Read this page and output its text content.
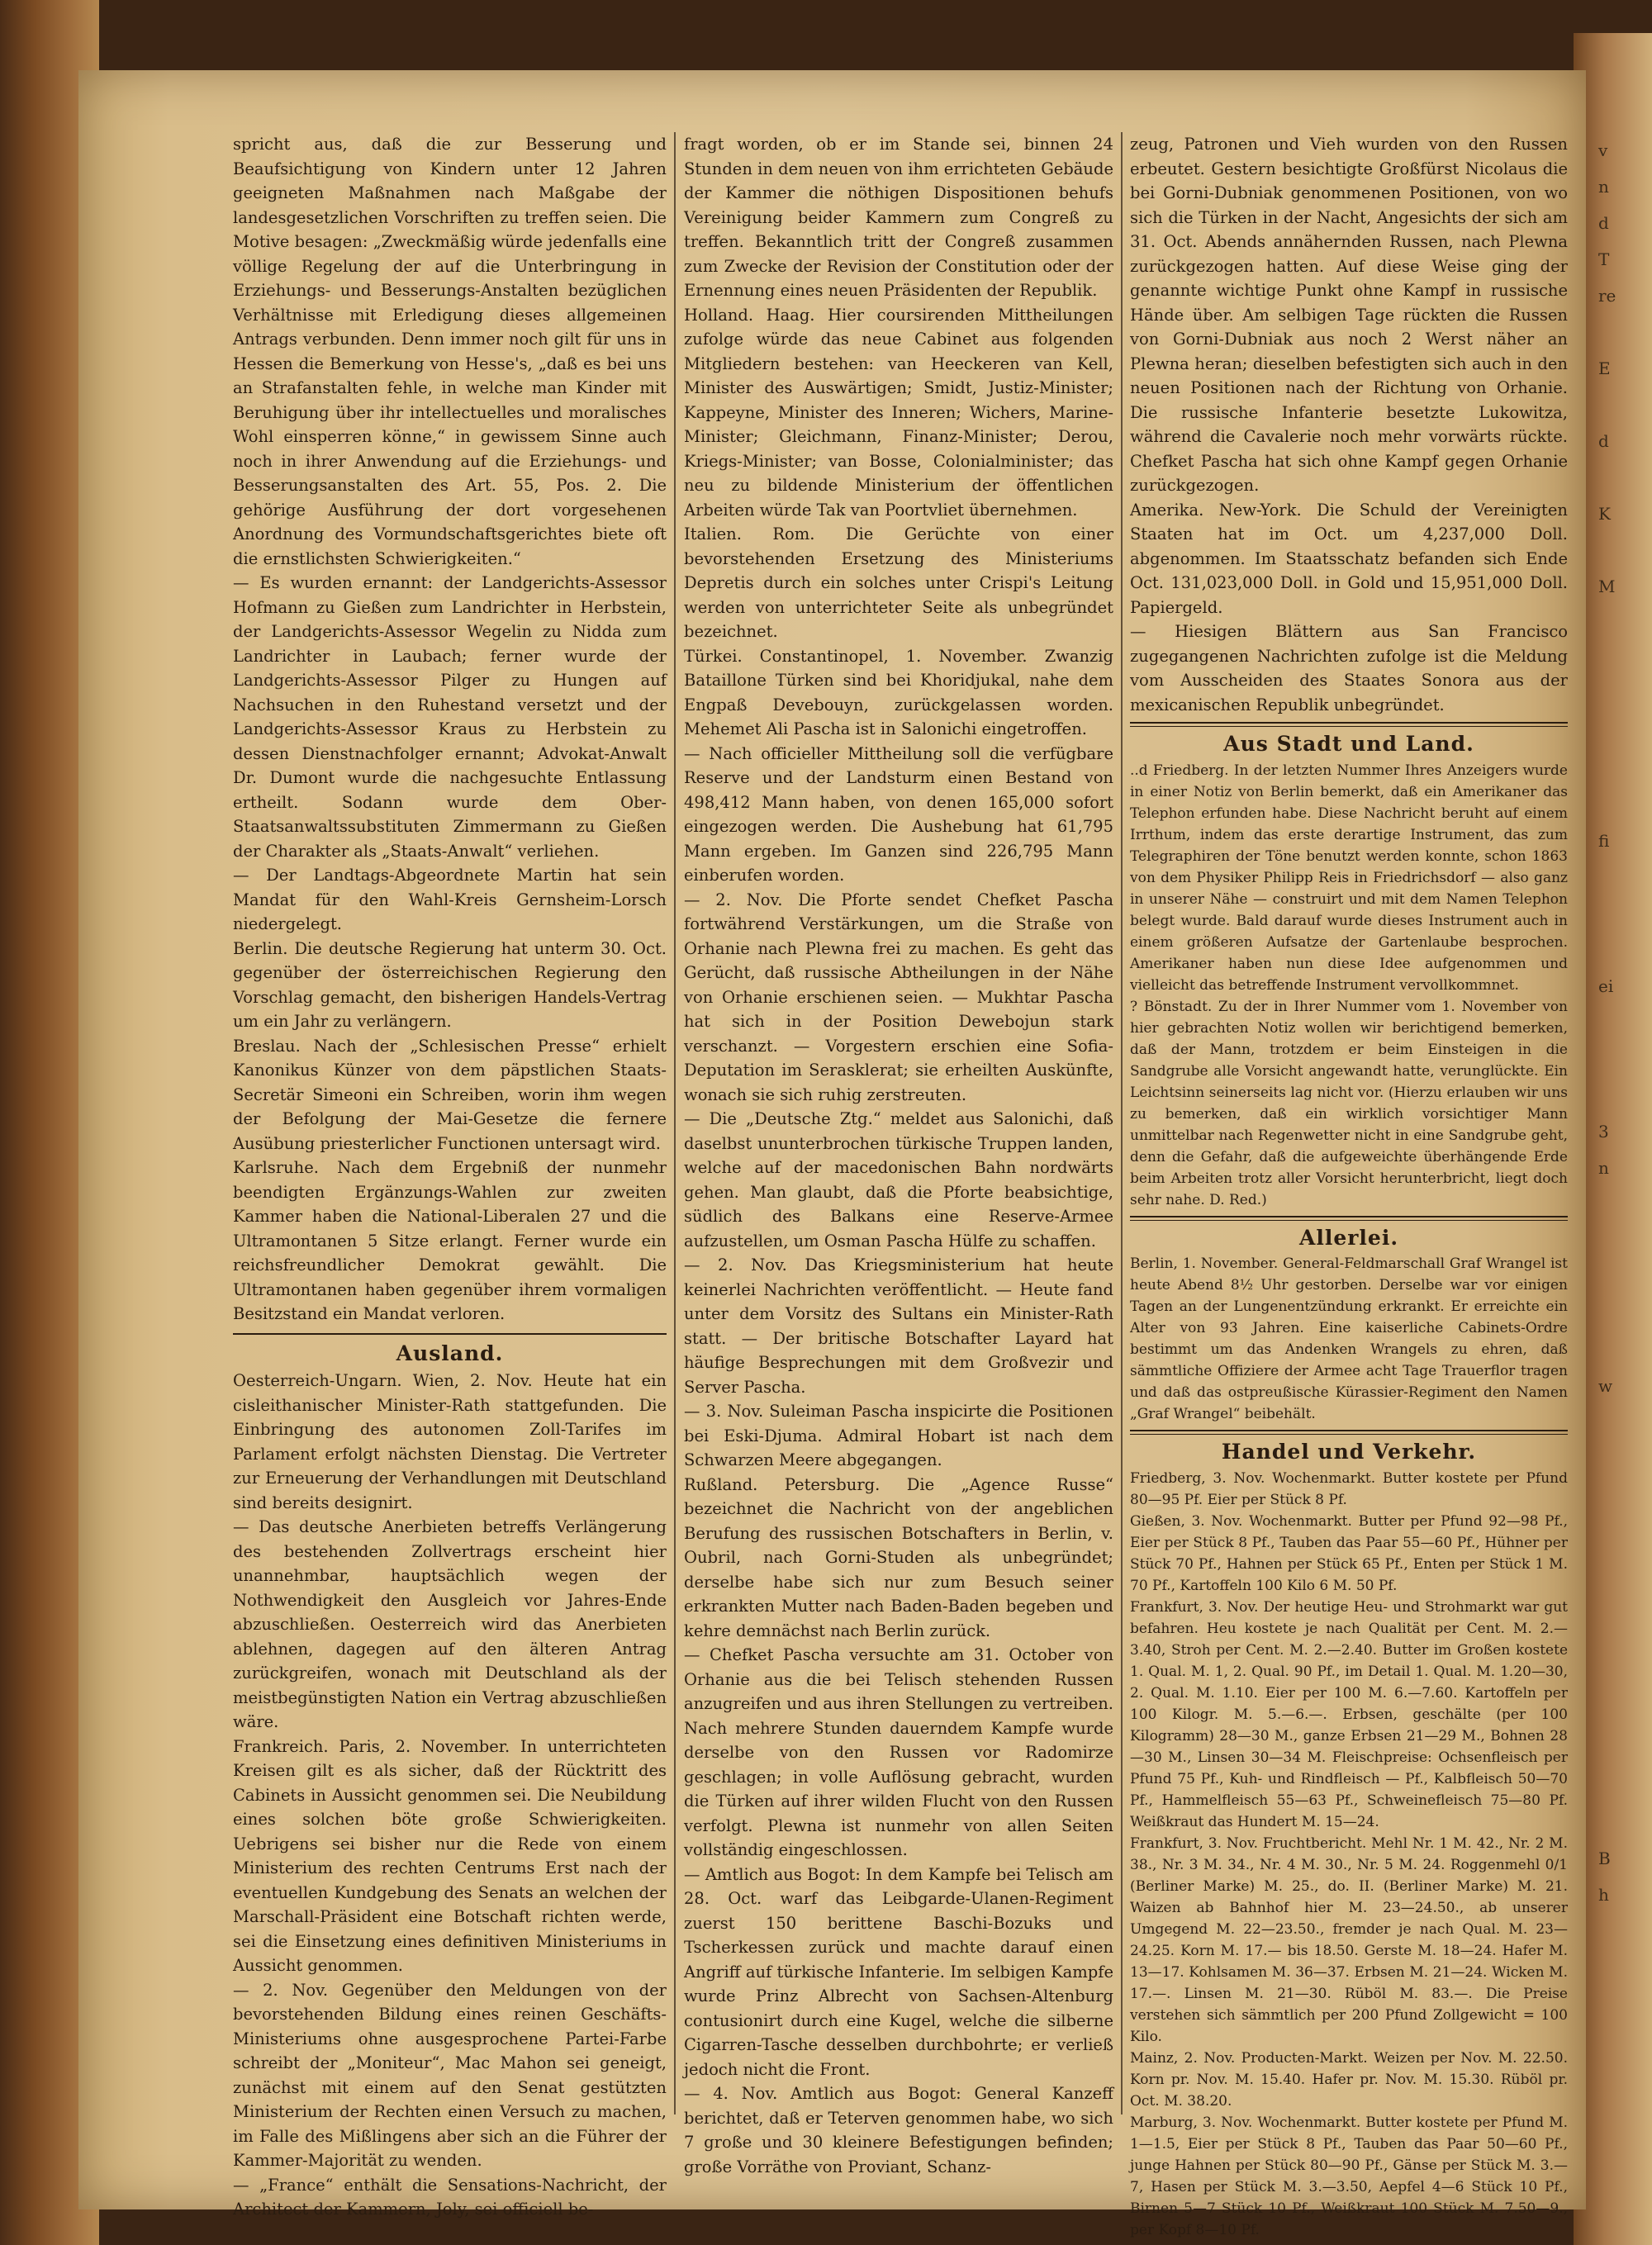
v
n
d
T
re

E

d

K

M

fi

ei

3
n

w

B
h

spricht aus, daß die zur Besserung und Beaufsichtigung von Kindern unter 12 Jahren geeigneten Maßnahmen nach Maßgabe der landesgesetzlichen Vorschriften zu treffen seien. Die Motive besagen: „Zweckmäßig würde jedenfalls eine völlige Regelung der auf die Unterbringung in Erziehungs- und Besserungs-Anstalten bezüglichen Verhältnisse mit Erledigung dieses allgemeinen Antrags verbunden. Denn immer noch gilt für uns in Hessen die Bemerkung von Hesse's, „daß es bei uns an Strafanstalten fehle, in welche man Kinder mit Beruhigung über ihr intellectuelles und moralisches Wohl einsperren könne,“ in gewissem Sinne auch noch in ihrer Anwendung auf die Erziehungs- und Besserungsanstalten des Art. 55, Pos. 2. Die gehörige Ausführung der dort vorgesehenen Anordnung des Vormundschaftsgerichtes biete oft die ernstlichsten Schwierigkeiten.“

— Es wurden ernannt: der Landgerichts-Assessor Hofmann zu Gießen zum Landrichter in Herbstein, der Landgerichts-Assessor Wegelin zu Nidda zum Landrichter in Laubach; ferner wurde der Landgerichts-Assessor Pilger zu Hungen auf Nachsuchen in den Ruhestand versetzt und der Landgerichts-Assessor Kraus zu Herbstein zu dessen Dienstnachfolger ernannt; Advokat-Anwalt Dr. Dumont wurde die nachgesuchte Entlassung ertheilt. Sodann wurde dem Ober-Staatsanwaltssubstituten Zimmermann zu Gießen der Charakter als „Staats-Anwalt“ verliehen.

— Der Landtags-Abgeordnete Martin hat sein Mandat für den Wahl-Kreis Gernsheim-Lorsch niedergelegt.

Berlin. Die deutsche Regierung hat unterm 30. Oct. gegenüber der österreichischen Regierung den Vorschlag gemacht, den bisherigen Handels-Vertrag um ein Jahr zu verlängern.

Breslau. Nach der „Schlesischen Presse“ erhielt Kanonikus Künzer von dem päpstlichen Staats-Secretär Simeoni ein Schreiben, worin ihm wegen der Befolgung der Mai-Gesetze die fernere Ausübung priesterlicher Functionen untersagt wird.

Karlsruhe. Nach dem Ergebniß der nunmehr beendigten Ergänzungs-Wahlen zur zweiten Kammer haben die National-Liberalen 27 und die Ultramontanen 5 Sitze erlangt. Ferner wurde ein reichsfreundlicher Demokrat gewählt. Die Ultramontanen haben gegenüber ihrem vormaligen Besitzstand ein Mandat verloren.

Ausland.

Oesterreich-Ungarn. Wien, 2. Nov. Heute hat ein cisleithanischer Minister-Rath stattgefunden. Die Einbringung des autonomen Zoll-Tarifes im Parlament erfolgt nächsten Dienstag. Die Vertreter zur Erneuerung der Verhandlungen mit Deutschland sind bereits designirt.

— Das deutsche Anerbieten betreffs Verlängerung des bestehenden Zollvertrags erscheint hier unannehmbar, hauptsächlich wegen der Nothwendigkeit den Ausgleich vor Jahres-Ende abzuschließen. Oesterreich wird das Anerbieten ablehnen, dagegen auf den älteren Antrag zurückgreifen, wonach mit Deutschland als der meistbegünstigten Nation ein Vertrag abzuschließen wäre.

Frankreich. Paris, 2. November. In unterrichteten Kreisen gilt es als sicher, daß der Rücktritt des Cabinets in Aussicht genommen sei. Die Neubildung eines solchen böte große Schwierigkeiten. Uebrigens sei bisher nur die Rede von einem Ministerium des rechten Centrums Erst nach der eventuellen Kundgebung des Senats an welchen der Marschall-Präsident eine Botschaft richten werde, sei die Einsetzung eines definitiven Ministeriums in Aussicht genommen.

— 2. Nov. Gegenüber den Meldungen von der bevorstehenden Bildung eines reinen Geschäfts-Ministeriums ohne ausgesprochene Partei-Farbe schreibt der „Moniteur“, Mac Mahon sei geneigt, zunächst mit einem auf den Senat gestützten Ministerium der Rechten einen Versuch zu machen, im Falle des Mißlingens aber sich an die Führer der Kammer-Majorität zu wenden.

— „France“ enthält die Sensations-Nachricht, der Architect der Kammern, Joly, sei officiell be-

fragt worden, ob er im Stande sei, binnen 24 Stunden in dem neuen von ihm errichteten Gebäude der Kammer die nöthigen Dispositionen behufs Vereinigung beider Kammern zum Congreß zu treffen. Bekanntlich tritt der Congreß zusammen zum Zwecke der Revision der Constitution oder der Ernennung eines neuen Präsidenten der Republik.

Holland. Haag. Hier coursirenden Mittheilungen zufolge würde das neue Cabinet aus folgenden Mitgliedern bestehen: van Heeckeren van Kell, Minister des Auswärtigen; Smidt, Justiz-Minister; Kappeyne, Minister des Inneren; Wichers, Marine-Minister; Gleichmann, Finanz-Minister; Derou, Kriegs-Minister; van Bosse, Colonialminister; das neu zu bildende Ministerium der öffentlichen Arbeiten würde Tak van Poortvliet übernehmen.

Italien. Rom. Die Gerüchte von einer bevorstehenden Ersetzung des Ministeriums Depretis durch ein solches unter Crispi's Leitung werden von unterrichteter Seite als unbegründet bezeichnet.

Türkei. Constantinopel, 1. November. Zwanzig Bataillone Türken sind bei Khoridjukal, nahe dem Engpaß Devebouyn, zurückgelassen worden. Mehemet Ali Pascha ist in Salonichi eingetroffen.

— Nach officieller Mittheilung soll die verfügbare Reserve und der Landsturm einen Bestand von 498,412 Mann haben, von denen 165,000 sofort eingezogen werden. Die Aushebung hat 61,795 Mann ergeben. Im Ganzen sind 226,795 Mann einberufen worden.

— 2. Nov. Die Pforte sendet Chefket Pascha fortwährend Verstärkungen, um die Straße von Orhanie nach Plewna frei zu machen. Es geht das Gerücht, daß russische Abtheilungen in der Nähe von Orhanie erschienen seien. — Mukhtar Pascha hat sich in der Position Dewebojun stark verschanzt. — Vorgestern erschien eine Sofia-Deputation im Serasklerat; sie erheilten Auskünfte, wonach sie sich ruhig zerstreuten.

— Die „Deutsche Ztg.“ meldet aus Salonichi, daß daselbst ununterbrochen türkische Truppen landen, welche auf der macedonischen Bahn nordwärts gehen. Man glaubt, daß die Pforte beabsichtige, südlich des Balkans eine Reserve-Armee aufzustellen, um Osman Pascha Hülfe zu schaffen.

— 2. Nov. Das Kriegsministerium hat heute keinerlei Nachrichten veröffentlicht. — Heute fand unter dem Vorsitz des Sultans ein Minister-Rath statt. — Der britische Botschafter Layard hat häufige Besprechungen mit dem Großvezir und Server Pascha.

— 3. Nov. Suleiman Pascha inspicirte die Positionen bei Eski-Djuma. Admiral Hobart ist nach dem Schwarzen Meere abgegangen.

Rußland. Petersburg. Die „Agence Russe“ bezeichnet die Nachricht von der angeblichen Berufung des russischen Botschafters in Berlin, v. Oubril, nach Gorni-Studen als unbegründet; derselbe habe sich nur zum Besuch seiner erkrankten Mutter nach Baden-Baden begeben und kehre demnächst nach Berlin zurück.

— Chefket Pascha versuchte am 31. October von Orhanie aus die bei Telisch stehenden Russen anzugreifen und aus ihren Stellungen zu vertreiben. Nach mehrere Stunden dauerndem Kampfe wurde derselbe von den Russen vor Radomirze geschlagen; in volle Auflösung gebracht, wurden die Türken auf ihrer wilden Flucht von den Russen verfolgt. Plewna ist nunmehr von allen Seiten vollständig eingeschlossen.

— Amtlich aus Bogot: In dem Kampfe bei Telisch am 28. Oct. warf das Leibgarde-Ulanen-Regiment zuerst 150 berittene Baschi-Bozuks und Tscherkessen zurück und machte darauf einen Angriff auf türkische Infanterie. Im selbigen Kampfe wurde Prinz Albrecht von Sachsen-Altenburg contusionirt durch eine Kugel, welche die silberne Cigarren-Tasche desselben durchbohrte; er verließ jedoch nicht die Front.

— 4. Nov. Amtlich aus Bogot: General Kanzeff berichtet, daß er Teterven genommen habe, wo sich 7 große und 30 kleinere Befestigungen befinden; große Vorräthe von Proviant, Schanz-

zeug, Patronen und Vieh wurden von den Russen erbeutet. Gestern besichtigte Großfürst Nicolaus die bei Gorni-Dubniak genommenen Positionen, von wo sich die Türken in der Nacht, Angesichts der sich am 31. Oct. Abends annähernden Russen, nach Plewna zurückgezogen hatten. Auf diese Weise ging der genannte wichtige Punkt ohne Kampf in russische Hände über. Am selbigen Tage rückten die Russen von Gorni-Dubniak aus noch 2 Werst näher an Plewna heran; dieselben befestigten sich auch in den neuen Positionen nach der Richtung von Orhanie. Die russische Infanterie besetzte Lukowitza, während die Cavalerie noch mehr vorwärts rückte. Chefket Pascha hat sich ohne Kampf gegen Orhanie zurückgezogen.

Amerika. New-York. Die Schuld der Vereinigten Staaten hat im Oct. um 4,237,000 Doll. abgenommen. Im Staatsschatz befanden sich Ende Oct. 131,023,000 Doll. in Gold und 15,951,000 Doll. Papiergeld.

— Hiesigen Blättern aus San Francisco zugegangenen Nachrichten zufolge ist die Meldung vom Ausscheiden des Staates Sonora aus der mexicanischen Republik unbegründet.

Aus Stadt und Land.

..d Friedberg. In der letzten Nummer Ihres Anzeigers wurde in einer Notiz von Berlin bemerkt, daß ein Amerikaner das Telephon erfunden habe. Diese Nachricht beruht auf einem Irrthum, indem das erste derartige Instrument, das zum Telegraphiren der Töne benutzt werden konnte, schon 1863 von dem Physiker Philipp Reis in Friedrichsdorf — also ganz in unserer Nähe — construirt und mit dem Namen Telephon belegt wurde. Bald darauf wurde dieses Instrument auch in einem größeren Aufsatze der Gartenlaube besprochen. Amerikaner haben nun diese Idee aufgenommen und vielleicht das betreffende Instrument vervollkommnet.

? Bönstadt. Zu der in Ihrer Nummer vom 1. November von hier gebrachten Notiz wollen wir berichtigend bemerken, daß der Mann, trotzdem er beim Einsteigen in die Sandgrube alle Vorsicht angewandt hatte, verunglückte. Ein Leichtsinn seinerseits lag nicht vor. (Hierzu erlauben wir uns zu bemerken, daß ein wirklich vorsichtiger Mann unmittelbar nach Regenwetter nicht in eine Sandgrube geht, denn die Gefahr, daß die aufgeweichte überhängende Erde beim Arbeiten trotz aller Vorsicht herunterbricht, liegt doch sehr nahe. D. Red.)

Allerlei.

Berlin, 1. November. General-Feldmarschall Graf Wrangel ist heute Abend 8½ Uhr gestorben. Derselbe war vor einigen Tagen an der Lungenentzündung erkrankt. Er erreichte ein Alter von 93 Jahren. Eine kaiserliche Cabinets-Ordre bestimmt um das Andenken Wrangels zu ehren, daß sämmtliche Offiziere der Armee acht Tage Trauerflor tragen und daß das ostpreußische Kürassier-Regiment den Namen „Graf Wrangel“ beibehält.

Handel und Verkehr.

Friedberg, 3. Nov. Wochenmarkt. Butter kostete per Pfund 80—95 Pf. Eier per Stück 8 Pf.

Gießen, 3. Nov. Wochenmarkt. Butter per Pfund 92—98 Pf., Eier per Stück 8 Pf., Tauben das Paar 55—60 Pf., Hühner per Stück 70 Pf., Hahnen per Stück 65 Pf., Enten per Stück 1 M. 70 Pf., Kartoffeln 100 Kilo 6 M. 50 Pf.

Frankfurt, 3. Nov. Der heutige Heu- und Strohmarkt war gut befahren. Heu kostete je nach Qualität per Cent. M. 2.—3.40, Stroh per Cent. M. 2.—2.40. Butter im Großen kostete 1. Qual. M. 1, 2. Qual. 90 Pf., im Detail 1. Qual. M. 1.20—30, 2. Qual. M. 1.10. Eier per 100 M. 6.—7.60. Kartoffeln per 100 Kilogr. M. 5.—6.—. Erbsen, geschälte (per 100 Kilogramm) 28—30 M., ganze Erbsen 21—29 M., Bohnen 28—30 M., Linsen 30—34 M. Fleischpreise: Ochsenfleisch per Pfund 75 Pf., Kuh- und Rindfleisch — Pf., Kalbfleisch 50—70 Pf., Hammelfleisch 55—63 Pf., Schweinefleisch 75—80 Pf. Weißkraut das Hundert M. 15—24.

Frankfurt, 3. Nov. Fruchtbericht. Mehl Nr. 1 M. 42., Nr. 2 M. 38., Nr. 3 M. 34., Nr. 4 M. 30., Nr. 5 M. 24. Roggenmehl 0/1 (Berliner Marke) M. 25., do. II. (Berliner Marke) M. 21. Waizen ab Bahnhof hier M. 23—24.50., ab unserer Umgegend M. 22—23.50., fremder je nach Qual. M. 23—24.25. Korn M. 17.— bis 18.50. Gerste M. 18—24. Hafer M. 13—17. Kohlsamen M. 36—37. Erbsen M. 21—24. Wicken M. 17.—. Linsen M. 21—30. Rüböl M. 83.—. Die Preise verstehen sich sämmtlich per 200 Pfund Zollgewicht = 100 Kilo.

Mainz, 2. Nov. Producten-Markt. Weizen per Nov. M. 22.50. Korn pr. Nov. M. 15.40. Hafer pr. Nov. M. 15.30. Rüböl pr. Oct. M. 38.20.

Marburg, 3. Nov. Wochenmarkt. Butter kostete per Pfund M. 1—1.5, Eier per Stück 8 Pf., Tauben das Paar 50—60 Pf., junge Hahnen per Stück 80—90 Pf., Gänse per Stück M. 3.—7, Hasen per Stück M. 3.—3.50, Aepfel 4—6 Stück 10 Pf., Birnen 5—7 Stück 10 Pf., Weißkraut 100 Stück M. 7.50—9., per Kopf 8—10 Pf.
